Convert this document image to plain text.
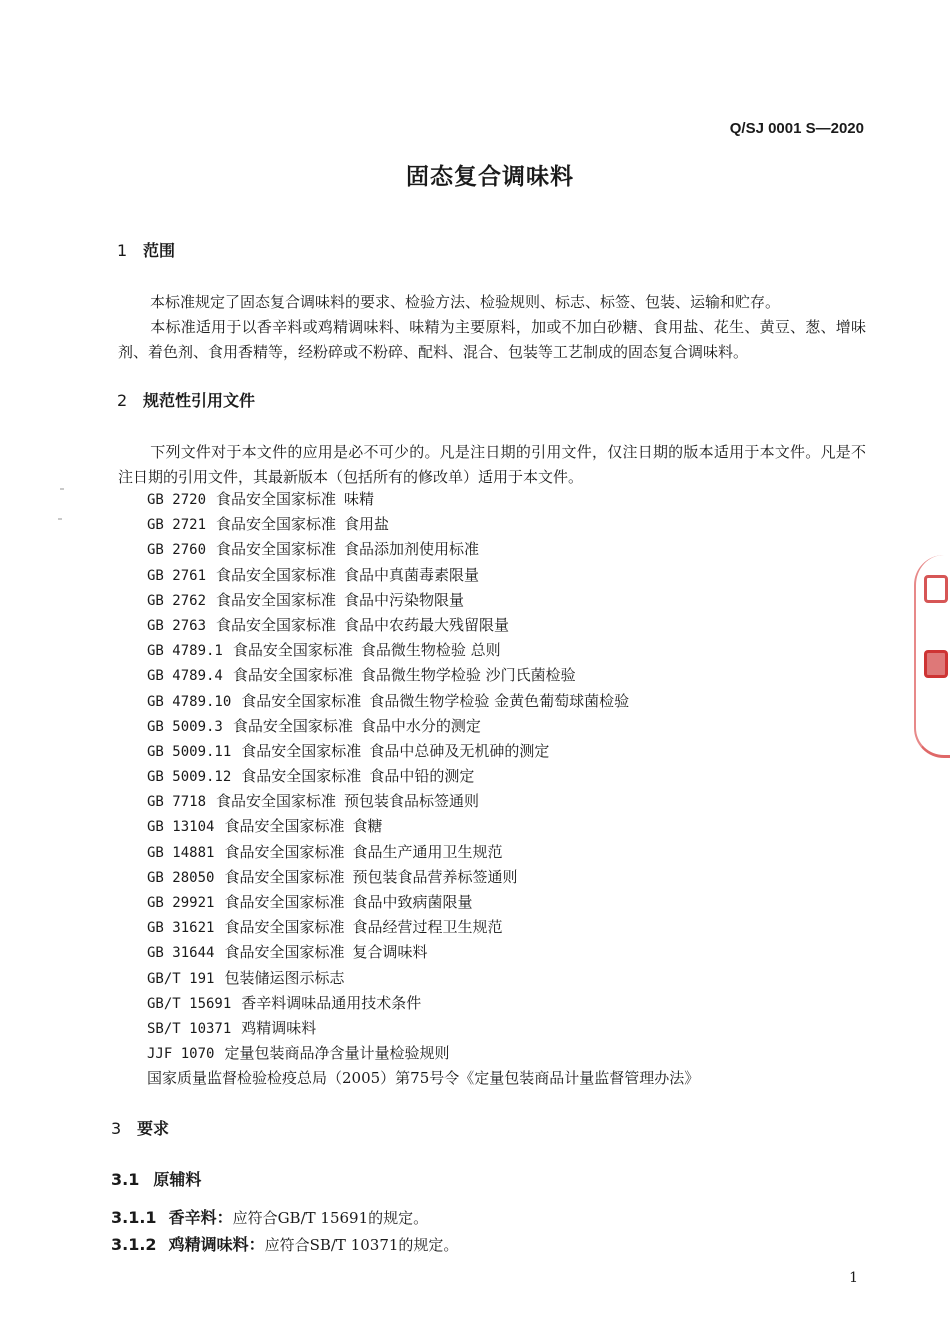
Q/SJ 0001 S—2020
固态复合调味料
1 范围
本标准规定了固态复合调味料的要求、检验方法、检验规则、标志、标签、包装、运输和贮存。
本标准适用于以香辛料或鸡精调味料、味精为主要原料，加或不加白砂糖、食用盐、花生、黄豆、葱、增味剂、着色剂、食用香精等，经粉碎或不粉碎、配料、混合、包装等工艺制成的固态复合调味料。
2 规范性引用文件
下列文件对于本文件的应用是必不可少的。凡是注日期的引用文件，仅注日期的版本适用于本文件。凡是不注日期的引用文件，其最新版本（包括所有的修改单）适用于本文件。
GB 2720 食品安全国家标准 味精
GB 2721 食品安全国家标准 食用盐
GB 2760 食品安全国家标准 食品添加剂使用标准
GB 2761 食品安全国家标准 食品中真菌毒素限量
GB 2762 食品安全国家标准 食品中污染物限量
GB 2763 食品安全国家标准 食品中农药最大残留限量
GB 4789.1 食品安全国家标准 食品微生物检验 总则
GB 4789.4 食品安全国家标准 食品微生物学检验 沙门氏菌检验
GB 4789.10 食品安全国家标准 食品微生物学检验 金黄色葡萄球菌检验
GB 5009.3 食品安全国家标准 食品中水分的测定
GB 5009.11 食品安全国家标准 食品中总砷及无机砷的测定
GB 5009.12 食品安全国家标准 食品中铅的测定
GB 7718 食品安全国家标准 预包装食品标签通则
GB 13104 食品安全国家标准 食糖
GB 14881 食品安全国家标准 食品生产通用卫生规范
GB 28050 食品安全国家标准 预包装食品营养标签通则
GB 29921 食品安全国家标准 食品中致病菌限量
GB 31621 食品安全国家标准 食品经营过程卫生规范
GB 31644 食品安全国家标准 复合调味料
GB/T 191 包装储运图示标志
GB/T 15691 香辛料调味品通用技术条件
SB/T 10371 鸡精调味料
JJF 1070 定量包装商品净含量计量检验规则
国家质量监督检验检疫总局（2005）第75号令《定量包装商品计量监督管理办法》
3 要求
3.1 原辅料
3.1.1 香辛料：应符合GB/T 15691的规定。
3.1.2 鸡精调味料：应符合SB/T 10371的规定。
1
